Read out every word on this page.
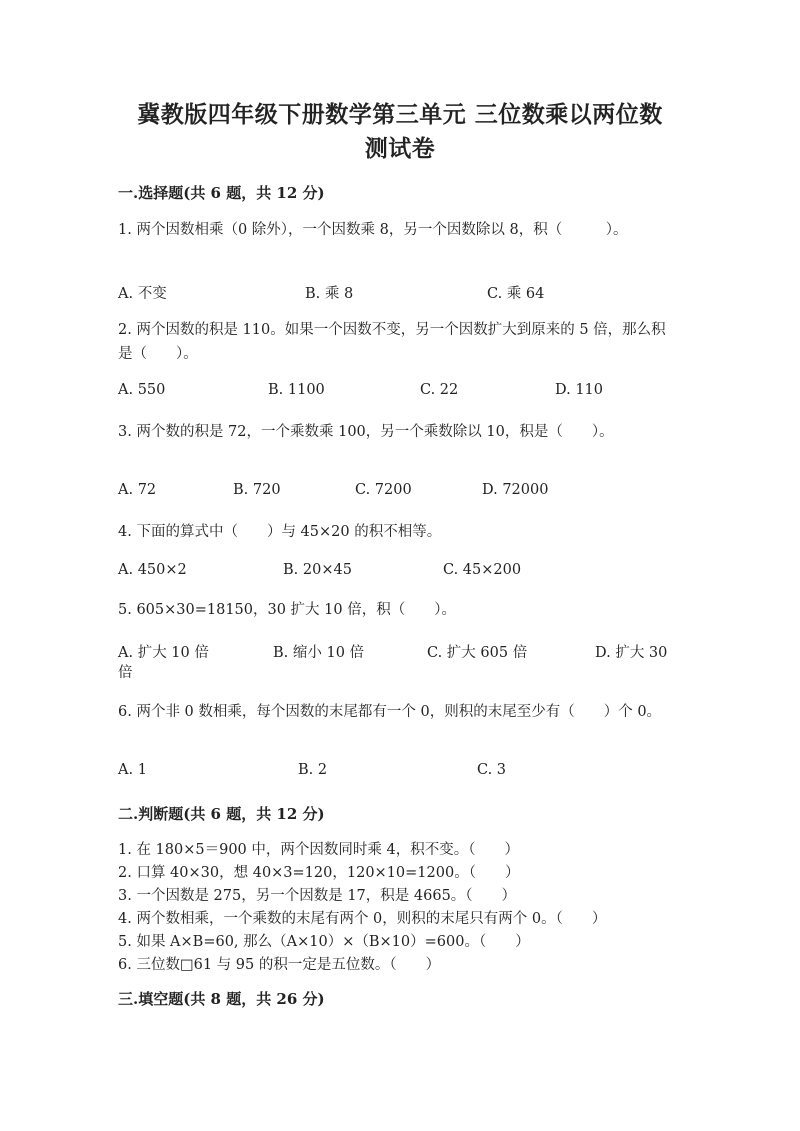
冀教版四年级下册数学第三单元 三位数乘以两位数
测试卷
一.选择题(共 6 题，共 12 分)
1. 两个因数相乘（0 除外），一个因数乘 8，另一个因数除以 8，积（　　　）。
A. 不变	B. 乘 8	C. 乘 64
2. 两个因数的积是 110。如果一个因数不变，另一个因数扩大到原来的 5 倍，那么积是（　　）。
A. 550	B. 1100	C. 22	D. 110
3. 两个数的积是 72，一个乘数乘 100，另一个乘数除以 10，积是（　　）。
A. 72	B. 720	C. 7200	D. 72000
4. 下面的算式中（　　）与 45×20 的积不相等。
A. 450×2	B. 20×45	C. 45×200
5. 605×30=18150，30 扩大 10 倍，积（　　）。
A. 扩大 10 倍	B. 缩小 10 倍	C. 扩大 605 倍	D. 扩大 30
倍
6. 两个非 0 数相乘，每个因数的末尾都有一个 0，则积的末尾至少有（　　）个 0。
A. 1	B. 2	C. 3
二.判断题(共 6 题，共 12 分)
1. 在 180×5＝900 中，两个因数同时乘 4，积不变。（　　）
2. 口算 40×30，想 40×3=120，120×10=1200。（　　）
3. 一个因数是 275，另一个因数是 17，积是 4665。（　　）
4. 两个数相乘，一个乘数的末尾有两个 0，则积的末尾只有两个 0。（　　）
5. 如果 A×B=60, 那么（A×10）×（B×10）=600。（　　）
6. 三位数□61 与 95 的积一定是五位数。（　　）
三.填空题(共 8 题，共 26 分)
